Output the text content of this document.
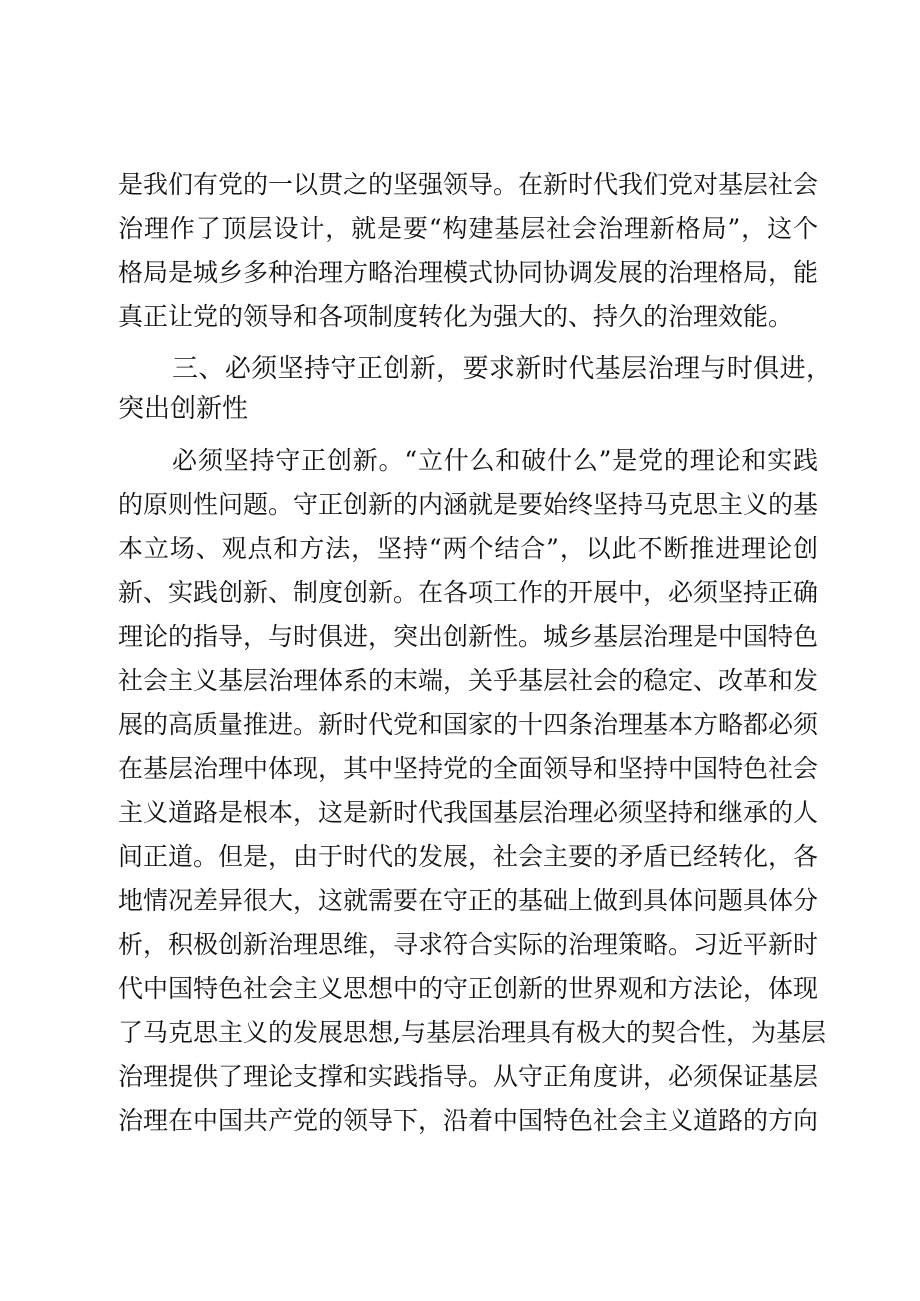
是我们有党的一以贯之的坚强领导。在新时代我们党对基层社会
治理作了顶层设计，就是要“构建基层社会治理新格局”，这个
格局是城乡多种治理方略治理模式协同协调发展的治理格局，能
真正让党的领导和各项制度转化为强大的、持久的治理效能。
三、必须坚持守正创新，要求新时代基层治理与时俱进，
突出创新性
必须坚持守正创新。“立什么和破什么”是党的理论和实践
的原则性问题。守正创新的内涵就是要始终坚持马克思主义的基
本立场、观点和方法，坚持“两个结合”，以此不断推进理论创
新、实践创新、制度创新。在各项工作的开展中，必须坚持正确
理论的指导，与时俱进，突出创新性。城乡基层治理是中国特色
社会主义基层治理体系的末端，关乎基层社会的稳定、改革和发
展的高质量推进。新时代党和国家的十四条治理基本方略都必须
在基层治理中体现，其中坚持党的全面领导和坚持中国特色社会
主义道路是根本，这是新时代我国基层治理必须坚持和继承的人
间正道。但是，由于时代的发展，社会主要的矛盾已经转化，各
地情况差异很大，这就需要在守正的基础上做到具体问题具体分
析，积极创新治理思维，寻求符合实际的治理策略。习近平新时
代中国特色社会主义思想中的守正创新的世界观和方法论，体现
了马克思主义的发展思想,与基层治理具有极大的契合性，为基层
治理提供了理论支撑和实践指导。从守正角度讲，必须保证基层
治理在中国共产党的领导下，沿着中国特色社会主义道路的方向
